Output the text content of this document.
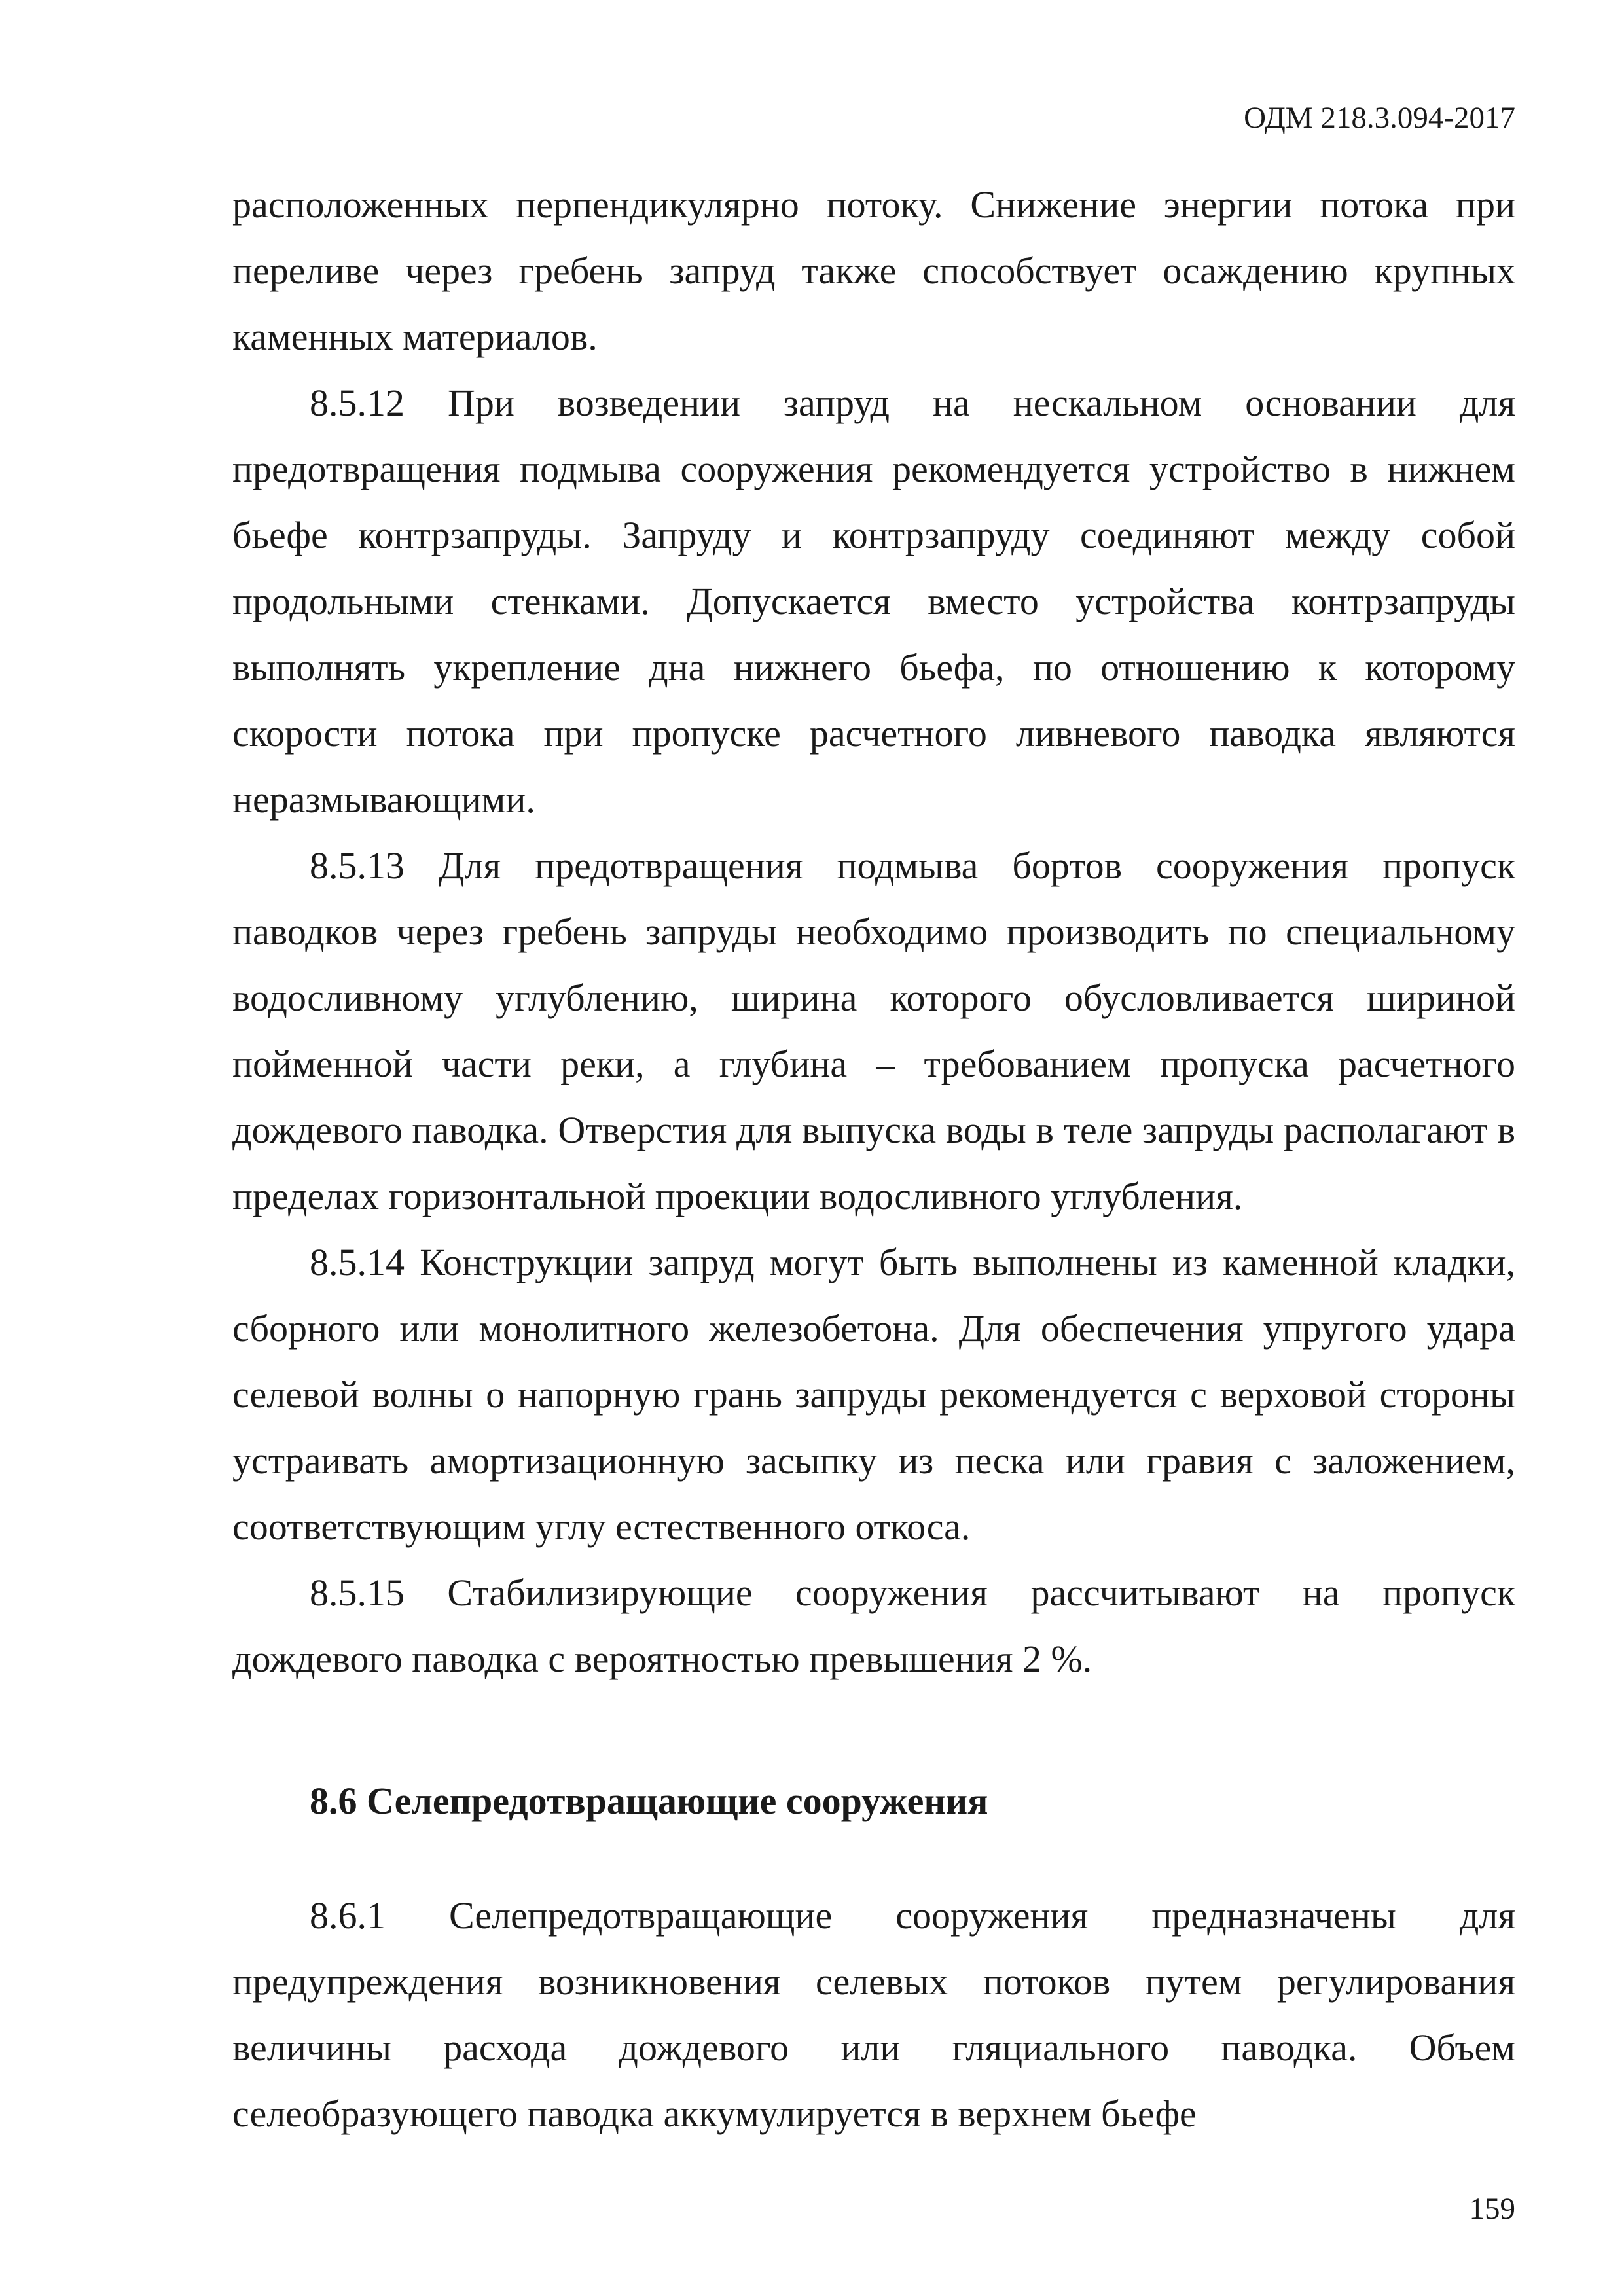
ОДМ 218.3.094-2017

расположенных перпендикулярно потоку. Снижение энергии потока при переливе через гребень запруд также способствует осаждению крупных каменных материалов.

8.5.12 При возведении запруд на нескальном основании для предотвращения подмыва сооружения рекомендуется устройство в нижнем бьефе контрзапруды. Запруду и контрзапруду соединяют между собой продольными стенками. Допускается вместо устройства контрзапруды выполнять укрепление дна нижнего бьефа, по отношению к которому скорости потока при пропуске расчетного ливневого паводка являются неразмывающими.

8.5.13 Для предотвращения подмыва бортов сооружения пропуск паводков через гребень запруды необходимо производить по специальному водосливному углублению, ширина которого обусловливается шириной пойменной части реки, а глубина – требованием пропуска расчетного дождевого паводка. Отверстия для выпуска воды в теле запруды располагают в пределах горизонтальной проекции водосливного углубления.

8.5.14 Конструкции запруд могут быть выполнены из каменной кладки, сборного или монолитного железобетона. Для обеспечения упругого удара селевой волны о напорную грань запруды рекомендуется с верховой стороны устраивать амортизационную засыпку из песка или гравия с заложением, соответствующим углу естественного откоса.

8.5.15 Стабилизирующие сооружения рассчитывают на пропуск дождевого паводка с вероятностью превышения 2 %.

8.6 Селепредотвращающие сооружения

8.6.1 Селепредотвращающие сооружения предназначены для предупреждения возникновения селевых потоков путем регулирования величины расхода дождевого или гляциального паводка. Объем селеобразующего паводка аккумулируется в верхнем бьефе

159
